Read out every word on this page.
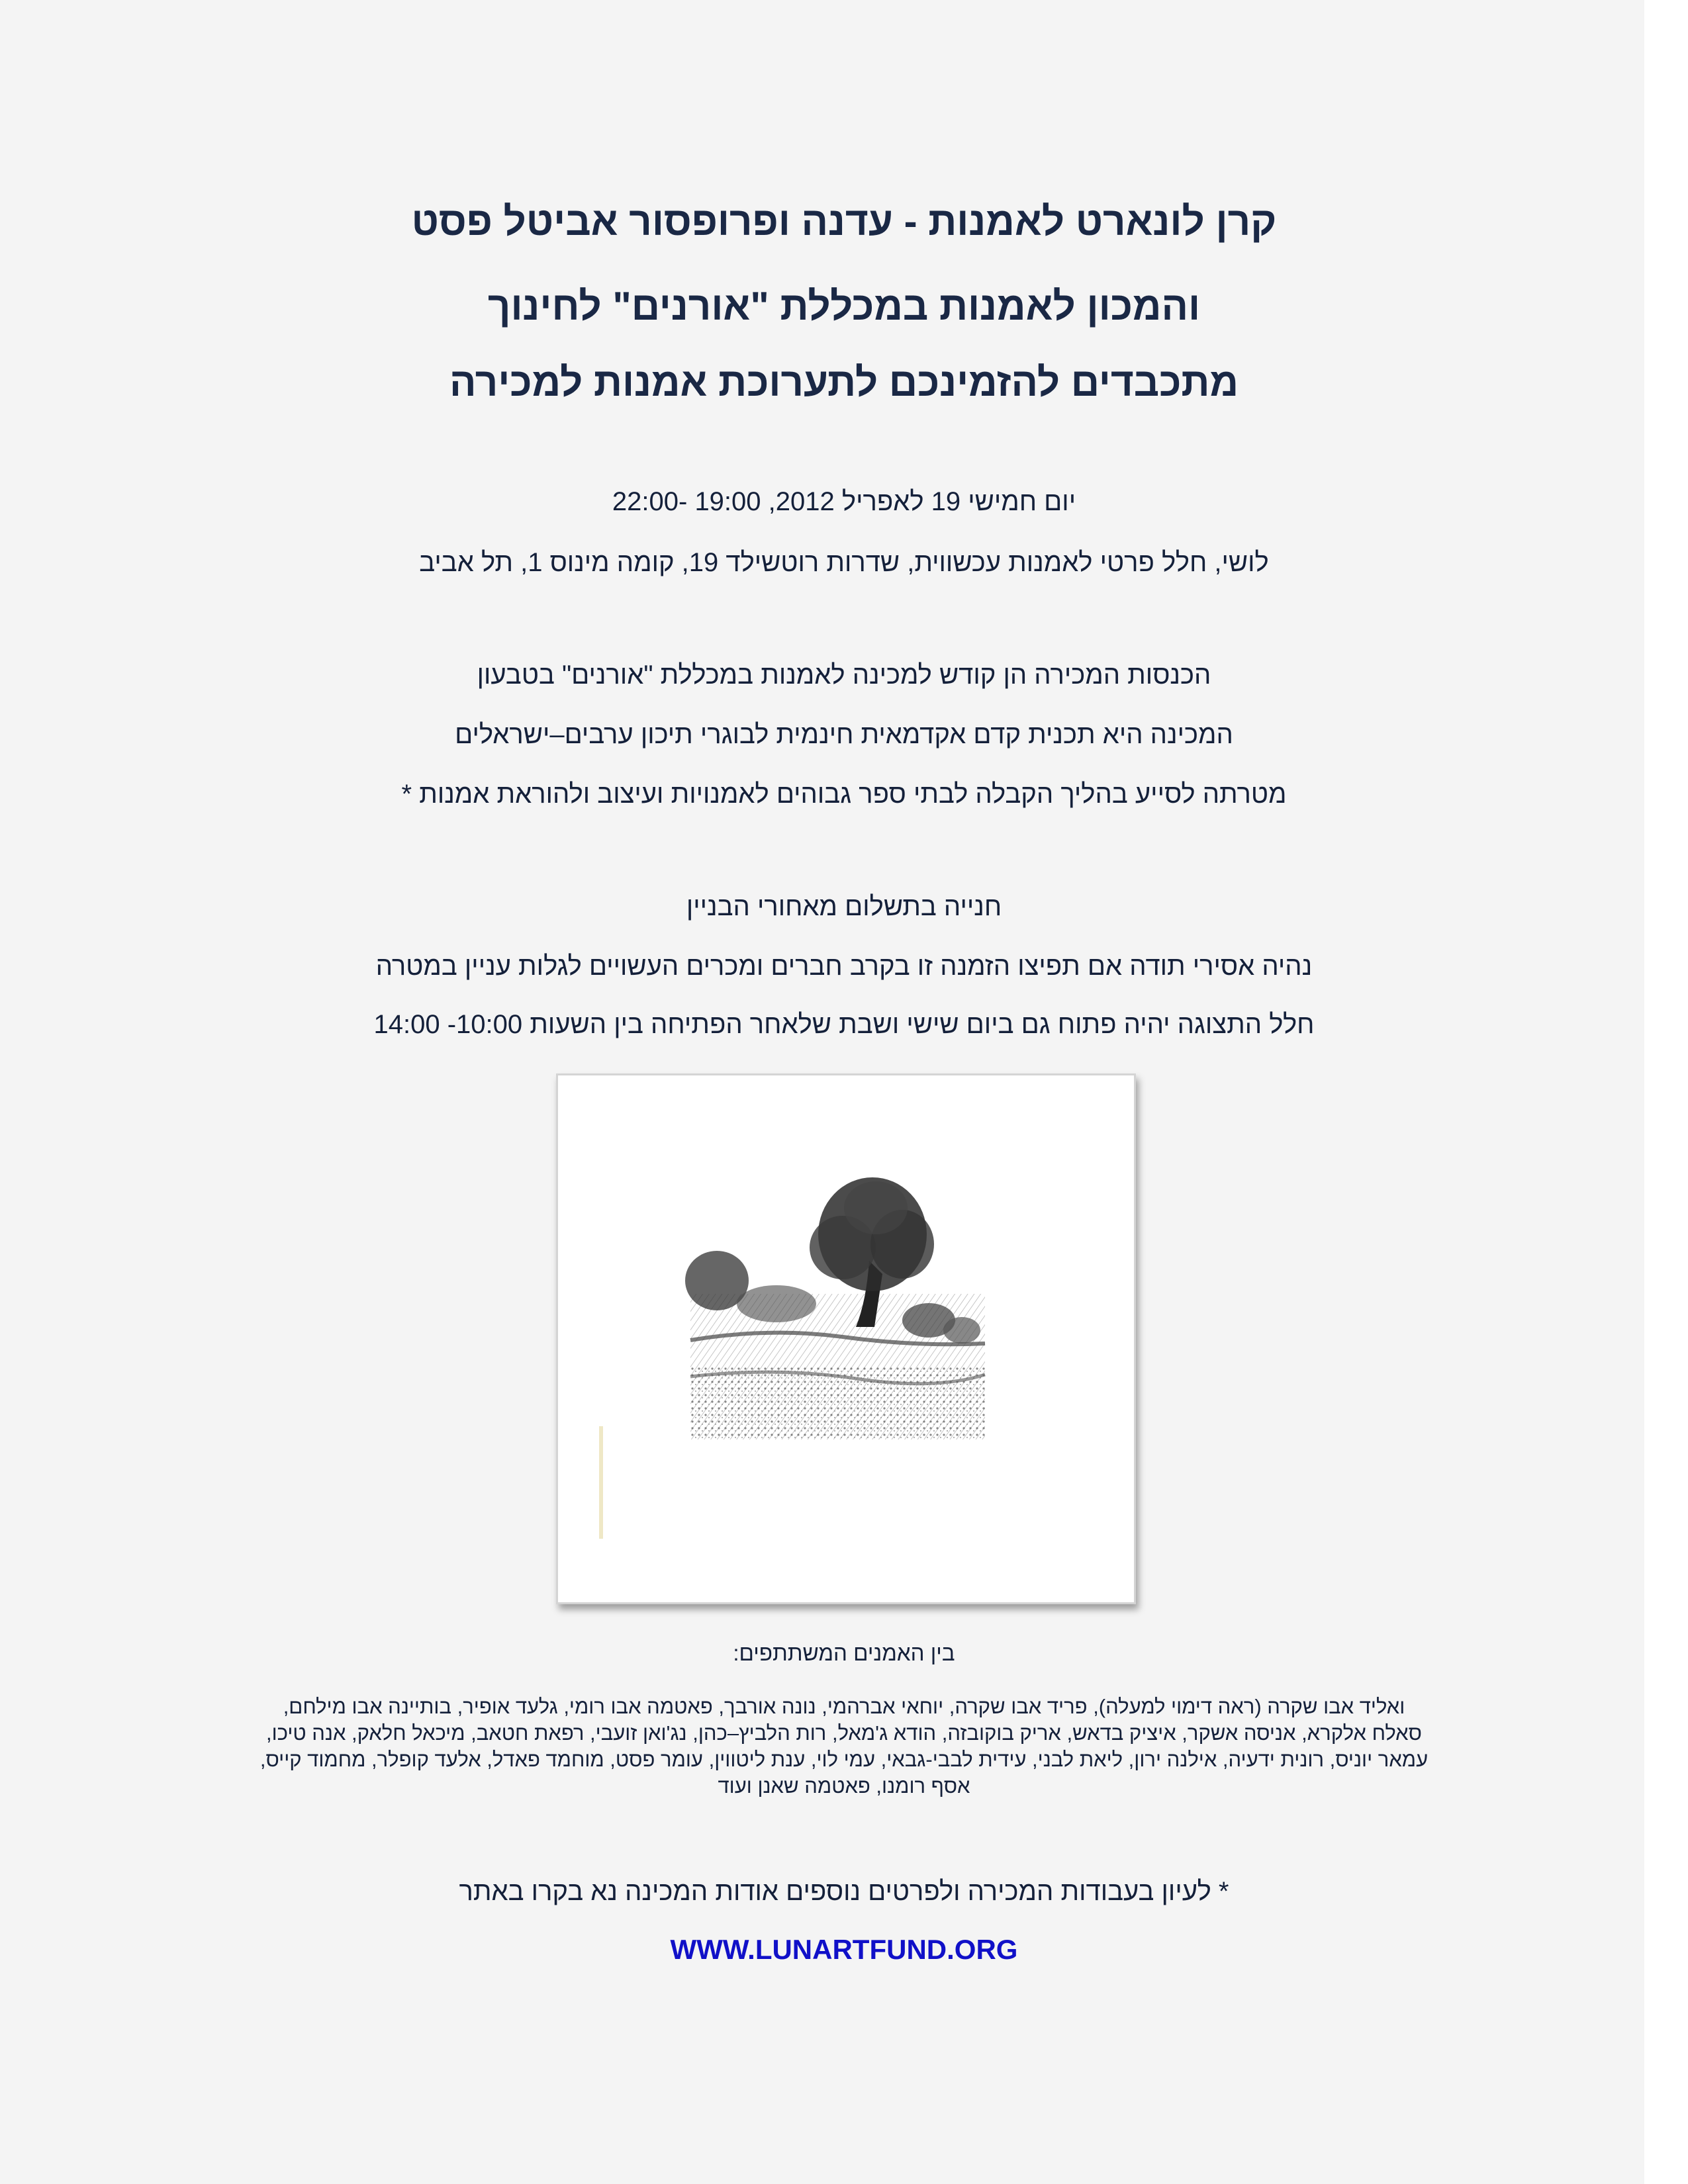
קרן לונארט לאמנות - עדנה ופרופסור אביטל פסט
והמכון לאמנות במכללת "אורנים" לחינוך
מתכבדים להזמינכם לתערוכת אמנות למכירה
יום חמישי 19 לאפריל 2012, 19:00 -22:00
לושי, חלל פרטי לאמנות עכשווית, שדרות רוטשילד 19, קומה מינוס 1, תל אביב
הכנסות המכירה הן קודש למכינה לאמנות במכללת "אורנים" בטבעון
המכינה היא תכנית קדם אקדמאית חינמית לבוגרי תיכון ערבים–ישראלים
מטרתה לסייע בהליך הקבלה לבתי ספר גבוהים לאמנויות ועיצוב ולהוראת אמנות *
חנייה בתשלום מאחורי הבניין
נהיה אסירי תודה אם תפיצו הזמנה זו בקרב חברים ומכרים העשויים לגלות עניין במטרה
חלל התצוגה יהיה פתוח גם ביום שישי ושבת שלאחר הפתיחה בין השעות 10:00- 14:00
בין האמנים המשתתפים:
ואליד אבו שקרה (ראה דימוי למעלה), פריד אבו שקרה, יוחאי אברהמי, נונה אורבך, פאטמה אבו רומי, גלעד אופיר, בותיינה אבו מילחם,
סאלח אלקרא, אניסה אשקר, איציק בדאש, אריק בוקובזה, הודא ג'מאל, רות הלביץ–כהן, נג'ואן זועבי, רפאת חטאב, מיכאל חלאק, אנה טיכו,
עמאר יוניס, רונית ידעיה, אילנה ירון, ליאת לבני, עידית לבבי-גבאי, עמי לוי, ענת ליטווין, עומר פסט, מוחמד פאדל, אלעד קופלר, מחמוד קייס,
אסף רומנו, פאטמה שאנן ועוד
* לעיון בעבודות המכירה ולפרטים נוספים אודות המכינה נא בקרו באתר
WWW.LUNARTFUND.ORG
